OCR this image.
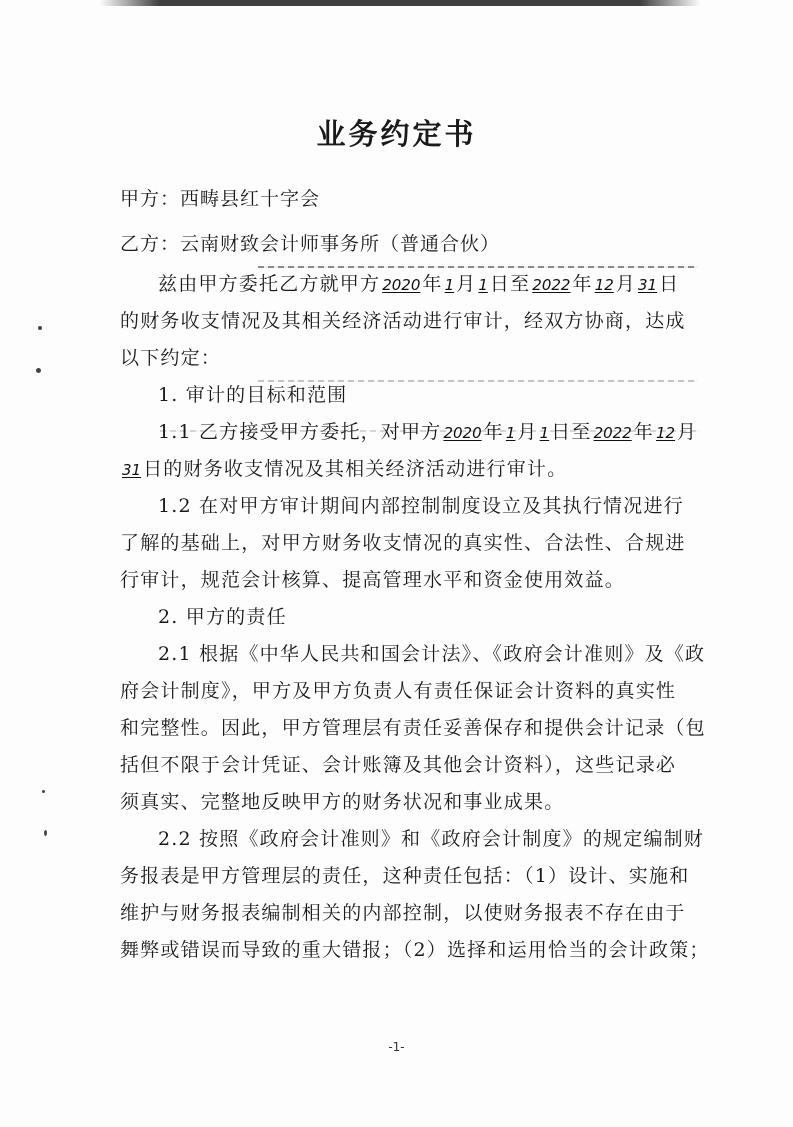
业务约定书
甲方：西畴县红十字会
乙方：云南财致会计师事务所（普通合伙）
兹由甲方委托乙方就甲方 2020 年 1 月 1 日至 2022 年 12 月 31 日
的财务收支情况及其相关经济活动进行审计，经双方协商，达成
以下约定：
1. 审计的目标和范围
1.1 乙方接受甲方委托，对甲方 2020 年 1 月 1 日至 2022 年 12 月
31 日的财务收支情况及其相关经济活动进行审计。
1.2 在对甲方审计期间内部控制制度设立及其执行情况进行
了解的基础上，对甲方财务收支情况的真实性、合法性、合规进
行审计，规范会计核算、提高管理水平和资金使用效益。
2. 甲方的责任
2.1 根据《中华人民共和国会计法》、《政府会计准则》及《政
府会计制度》，甲方及甲方负责人有责任保证会计资料的真实性
和完整性。因此，甲方管理层有责任妥善保存和提供会计记录（包
括但不限于会计凭证、会计账簿及其他会计资料），这些记录必
须真实、完整地反映甲方的财务状况和事业成果。
2.2 按照《政府会计准则》和《政府会计制度》的规定编制财
务报表是甲方管理层的责任，这种责任包括：（1）设计、实施和
维护与财务报表编制相关的内部控制，以使财务报表不存在由于
舞弊或错误而导致的重大错报；（2）选择和运用恰当的会计政策；
-1-
